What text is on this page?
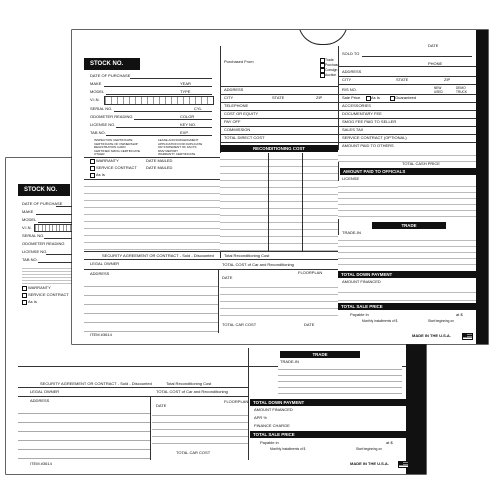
STOCK NO.
DATE OF PURCHASE
MAKE
MODEL
V.I.N.
SERIAL NO.
ODOMETER READING
LICENSE NO.
TAB NO.
WARRANTY
SERVICE CONTRACT
As Is
SECURITY AGREEMENT OR CONTRACT - Sold - Discounted	Total Reconditioning Cost
LEGAL OWNER	TOTAL COST of Car and Reconditioning
ADDRESS	FLOORPLAN
DATE
TOTAL CAR COST
TRADE
TRADE-IN
TOTAL DOWN PAYMENT
AMOUNT FINANCED
APR %
FINANCE CHARGE
TOTAL SALE PRICE
Payable in	at $
Monthly Installments of $	Start beginning on
ITEM #3614	MADE IN THE U.S.A.
STOCK NO.
DATE OF PURCHASE
MAKE	YEAR
MODEL	TYPE
V.I.N.
SERIAL NO.	CYL
ODOMETER READING	COLOR
LICENSE NO.	KEY NO.
TAB NO.	EXP.
INSPECTION CERTIFICATE
CERTIFICATE OF OWNERSHIP
REGISTRATION CARD
CERTIFIED SMOG CERTIFICATE
OTHER
LEASE ACKNOWLEDGMENT
APPLICATION FOR DUPLICATE
OR STATEMENT OF FACTS
DMV REPORT
WARRANTY CERTIFICATE
WARRANTY	DATE MAILED
SERVICE CONTRACT DATE MAILED
As Is
Purchased From	Trade
Purchase
Consign
Auction
ADDRESS
CITY	STATE	ZIP
TELEPHONE
COST OR EQUITY
PAY OFF
COMMISSION
TOTAL DIRECT COST
RECONDITIONING COST
DATE
SOLD TO
PHONE
ADDRESS
CITY	STATE	ZIP
R/S NO.	NEW
USED
DEMO
TRUCK
Sale Price	As Is	Guaranteed
ACCESSORIES
DOCUMENTARY FEE
SMOG FEE PAID TO SELLER
SALES TAX
SERVICE CONTRACT (OPTIONAL)
AMOUNT PAID TO OTHERS
TOTAL CASH PRICE
AMOUNT PAID TO OFFICIALS
LICENSE
TRADE
TRADE-IN
TOTAL DOWN PAYMENT
AMOUNT FINANCED
TOTAL SALE PRICE
Payable in	at $
Monthly Installments of $	Start beginning on
SECURITY AGREEMENT OR CONTRACT - Sold - Discounted	Total Reconditioning Cost
LEGAL OWNER	TOTAL COST of Car and Reconditioning
ADDRESS	FLOORPLAN
DATE
TOTAL CAR COST	DATE
ITEM #3614	MADE IN THE U.S.A.
